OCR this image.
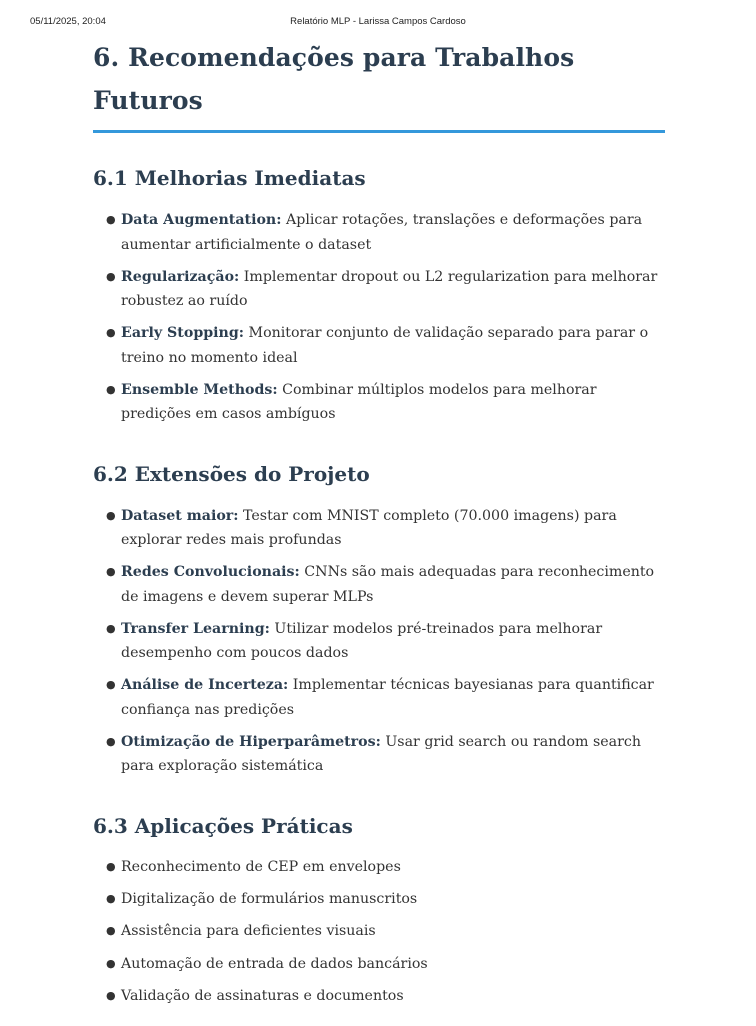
05/11/2025, 20:04	Relatório MLP - Larissa Campos Cardoso
6. Recomendações para Trabalhos Futuros
6.1 Melhorias Imediatas
● Data Augmentation: Aplicar rotações, translações e deformações para aumentar artificialmente o dataset
● Regularização: Implementar dropout ou L2 regularization para melhorar robustez ao ruído
● Early Stopping: Monitorar conjunto de validação separado para parar o treino no momento ideal
● Ensemble Methods: Combinar múltiplos modelos para melhorar predições em casos ambíguos
6.2 Extensões do Projeto
● Dataset maior: Testar com MNIST completo (70.000 imagens) para explorar redes mais profundas
● Redes Convolucionais: CNNs são mais adequadas para reconhecimento de imagens e devem superar MLPs
● Transfer Learning: Utilizar modelos pré-treinados para melhorar desempenho com poucos dados
● Análise de Incerteza: Implementar técnicas bayesianas para quantificar confiança nas predições
● Otimização de Hiperparâmetros: Usar grid search ou random search para exploração sistemática
6.3 Aplicações Práticas
● Reconhecimento de CEP em envelopes
● Digitalização de formulários manuscritos
● Assistência para deficientes visuais
● Automação de entrada de dados bancários
● Validação de assinaturas e documentos
